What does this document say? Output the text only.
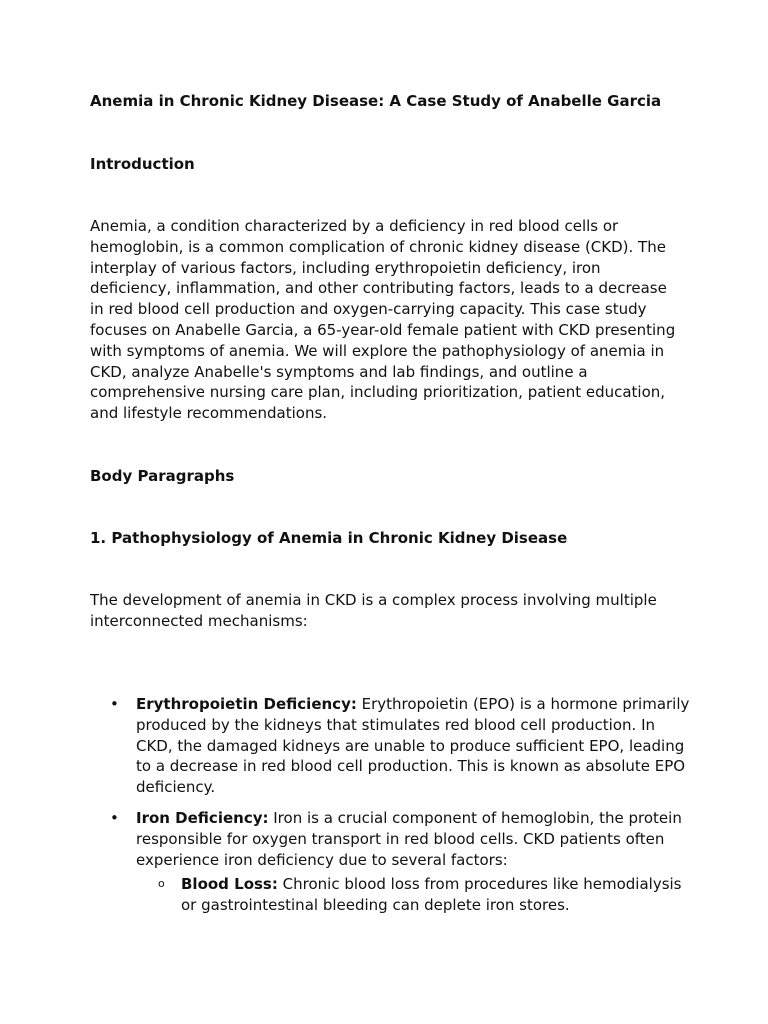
Anemia in Chronic Kidney Disease: A Case Study of Anabelle Garcia
Introduction
Anemia, a condition characterized by a deficiency in red blood cells or hemoglobin, is a common complication of chronic kidney disease (CKD). The interplay of various factors, including erythropoietin deficiency, iron deficiency, inflammation, and other contributing factors, leads to a decrease in red blood cell production and oxygen-carrying capacity. This case study focuses on Anabelle Garcia, a 65-year-old female patient with CKD presenting with symptoms of anemia. We will explore the pathophysiology of anemia in CKD, analyze Anabelle's symptoms and lab findings, and outline a comprehensive nursing care plan, including prioritization, patient education, and lifestyle recommendations.
Body Paragraphs
1. Pathophysiology of Anemia in Chronic Kidney Disease
The development of anemia in CKD is a complex process involving multiple interconnected mechanisms:
• Erythropoietin Deficiency: Erythropoietin (EPO) is a hormone primarily produced by the kidneys that stimulates red blood cell production. In CKD, the damaged kidneys are unable to produce sufficient EPO, leading to a decrease in red blood cell production. This is known as absolute EPO deficiency.
• Iron Deficiency: Iron is a crucial component of hemoglobin, the protein responsible for oxygen transport in red blood cells. CKD patients often experience iron deficiency due to several factors:
o Blood Loss: Chronic blood loss from procedures like hemodialysis or gastrointestinal bleeding can deplete iron stores.
